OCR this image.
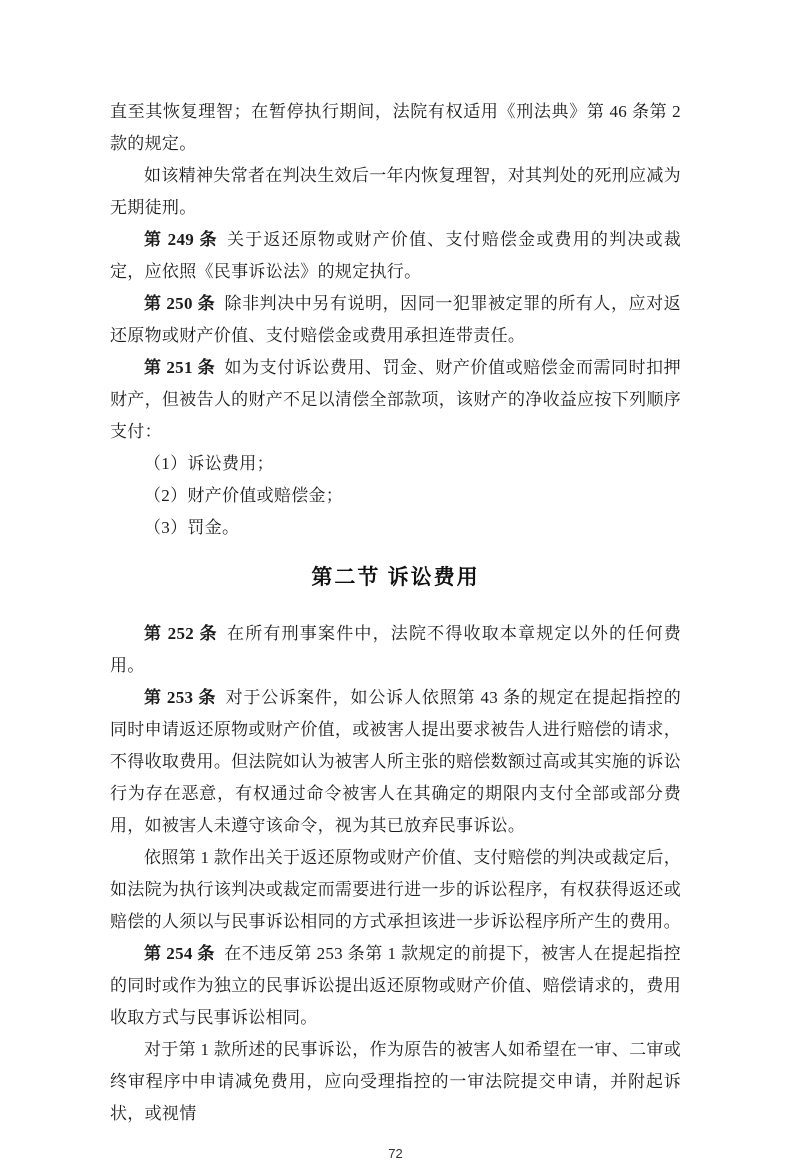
直至其恢复理智；在暂停执行期间，法院有权适用《刑法典》第 46 条第 2 款的规定。

如该精神失常者在判决生效后一年内恢复理智，对其判处的死刑应减为无期徒刑。

第 249 条 关于返还原物或财产价值、支付赔偿金或费用的判决或裁定，应依照《民事诉讼法》的规定执行。

第 250 条 除非判决中另有说明，因同一犯罪被定罪的所有人，应对返还原物或财产价值、支付赔偿金或费用承担连带责任。

第 251 条 如为支付诉讼费用、罚金、财产价值或赔偿金而需同时扣押财产，但被告人的财产不足以清偿全部款项，该财产的净收益应按下列顺序支付：

（1）诉讼费用；

（2）财产价值或赔偿金；

（3）罚金。

第二节 诉讼费用

第 252 条 在所有刑事案件中，法院不得收取本章规定以外的任何费用。

第 253 条 对于公诉案件，如公诉人依照第 43 条的规定在提起指控的同时申请返还原物或财产价值，或被害人提出要求被告人进行赔偿的请求，不得收取费用。但法院如认为被害人所主张的赔偿数额过高或其实施的诉讼行为存在恶意，有权通过命令被害人在其确定的期限内支付全部或部分费用，如被害人未遵守该命令，视为其已放弃民事诉讼。

依照第 1 款作出关于返还原物或财产价值、支付赔偿的判决或裁定后，如法院为执行该判决或裁定而需要进行进一步的诉讼程序，有权获得返还或赔偿的人须以与民事诉讼相同的方式承担该进一步诉讼程序所产生的费用。

第 254 条 在不违反第 253 条第 1 款规定的前提下，被害人在提起指控的同时或作为独立的民事诉讼提出返还原物或财产价值、赔偿请求的，费用收取方式与民事诉讼相同。

对于第 1 款所述的民事诉讼，作为原告的被害人如希望在一审、二审或终审程序中申请减免费用，应向受理指控的一审法院提交申请，并附起诉状，或视情

72
